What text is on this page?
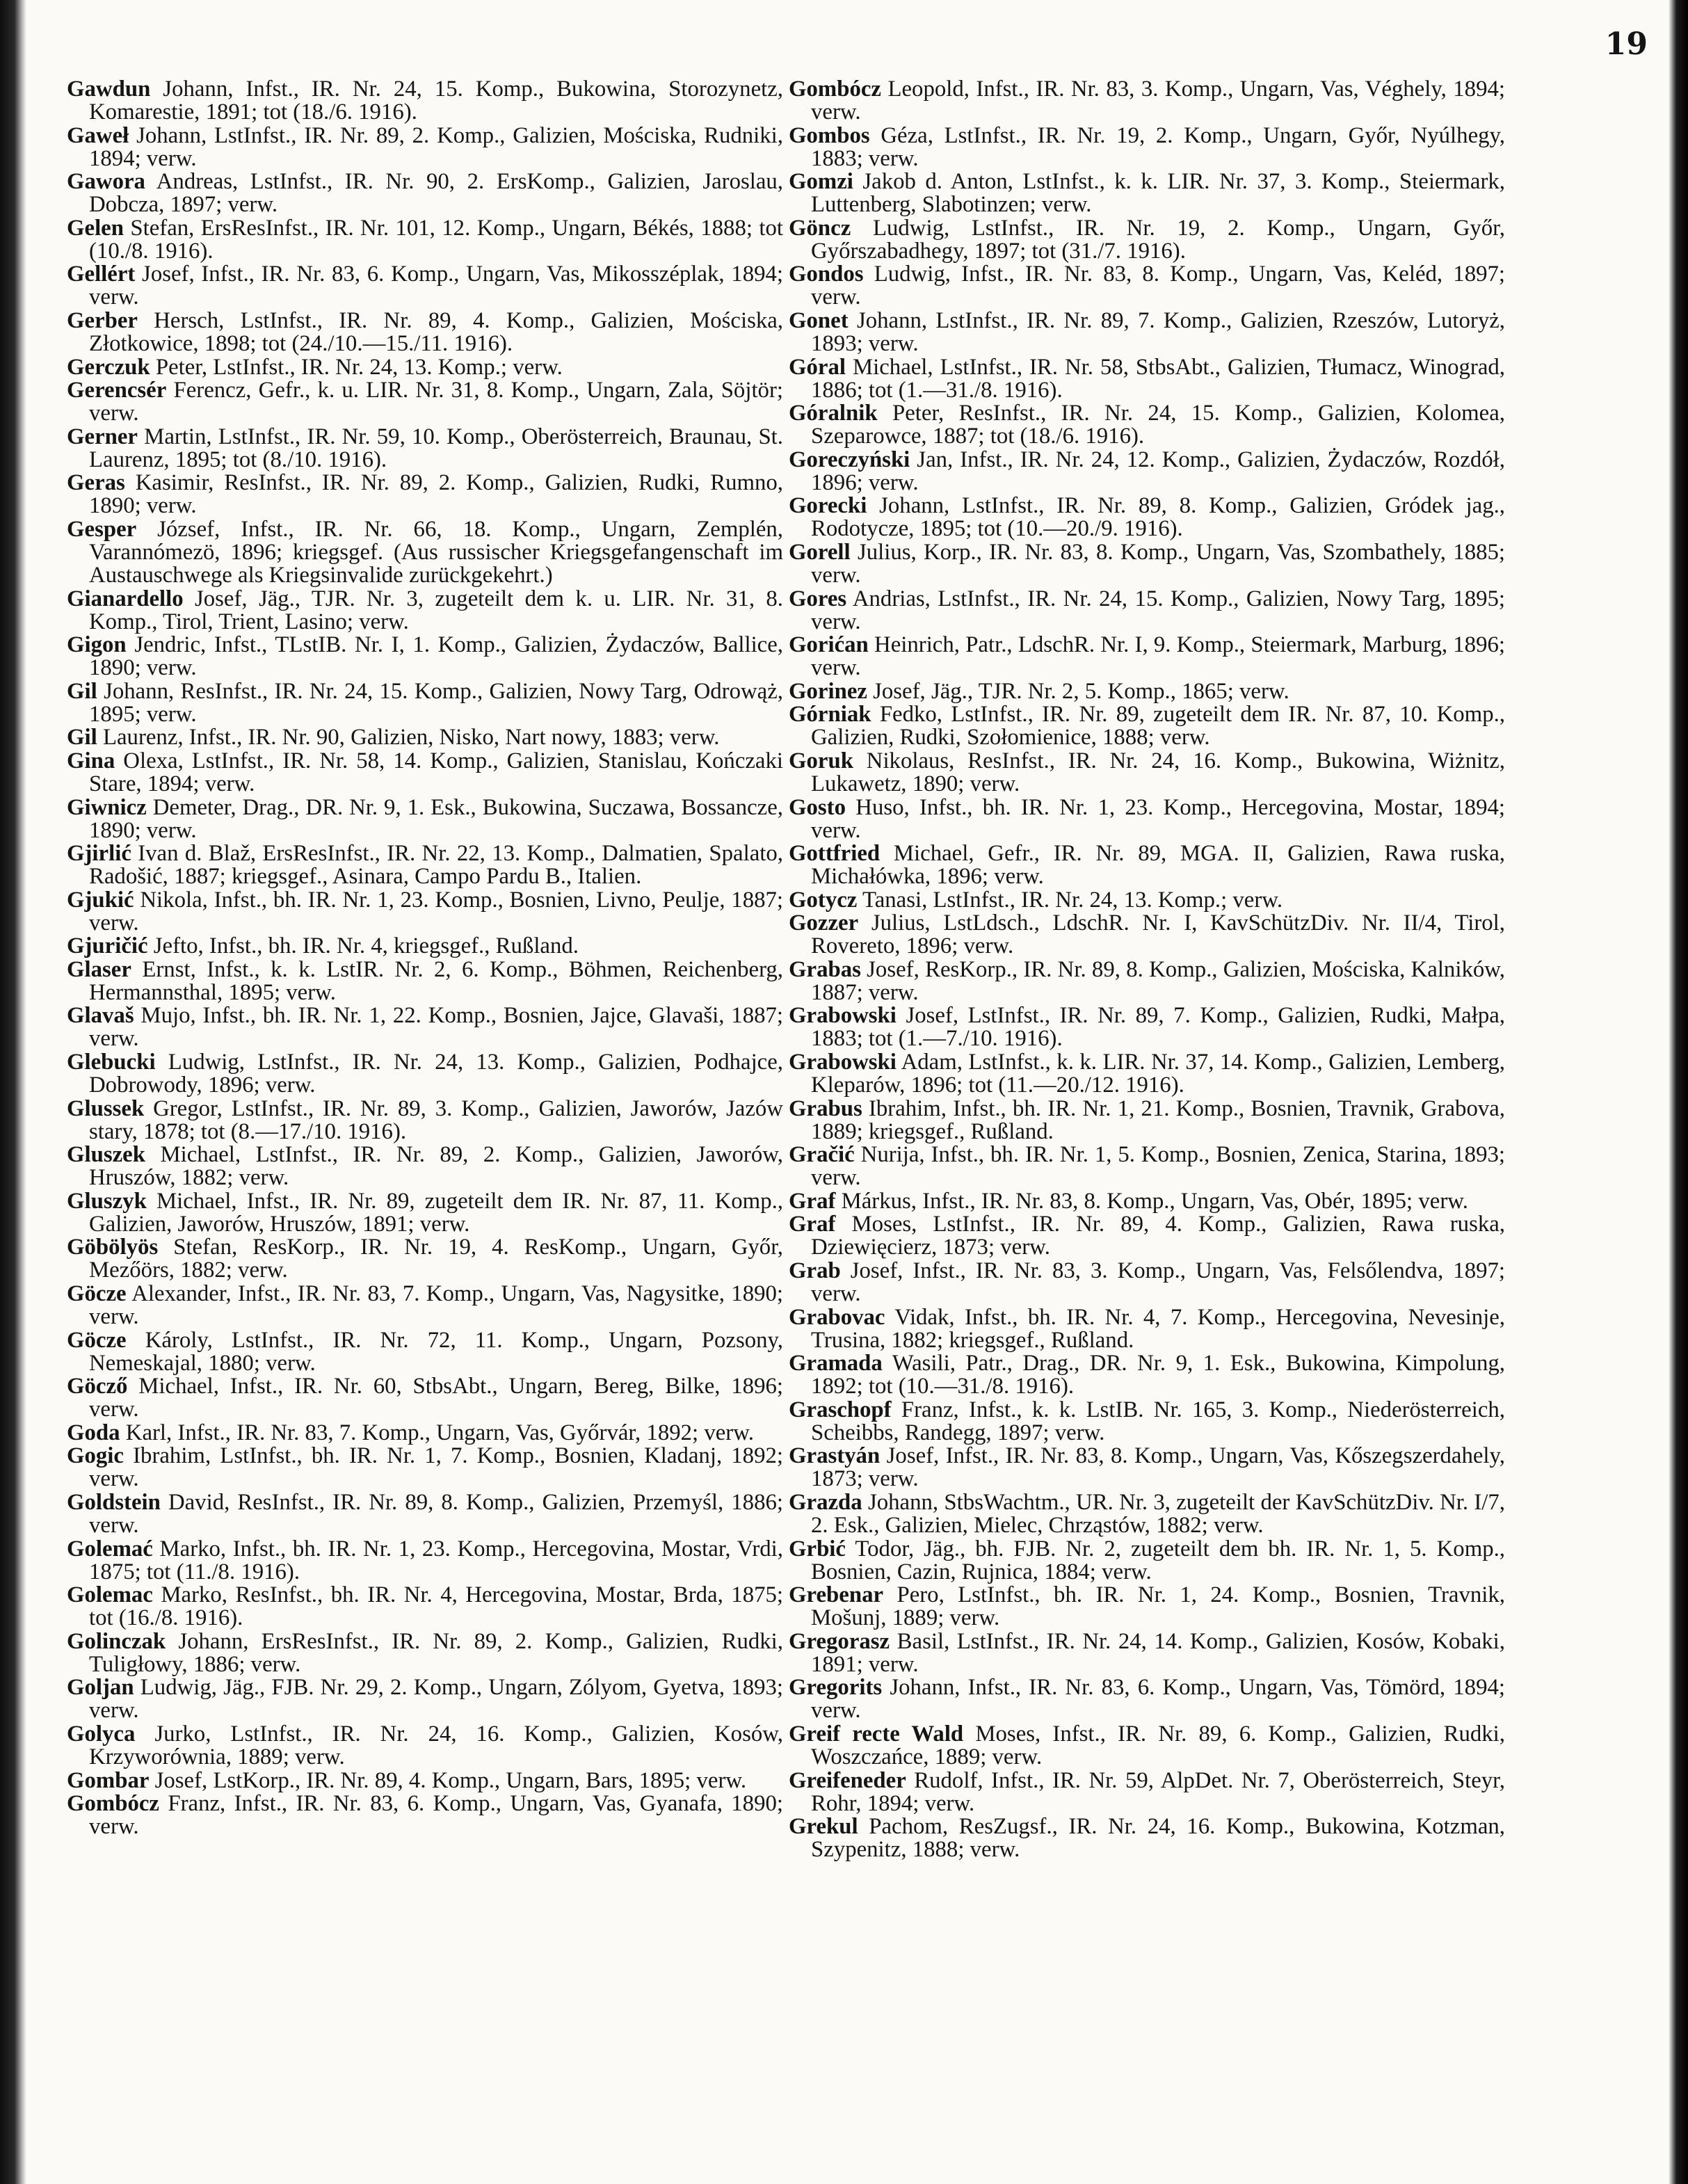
19

Gawdun Johann, Infst., IR. Nr. 24, 15. Komp., Bukowina, Storozynetz, Komarestie, 1891; tot (18./6. 1916).

Gaweł Johann, LstInfst., IR. Nr. 89, 2. Komp., Galizien, Mościska, Rudniki, 1894; verw.

Gawora Andreas, LstInfst., IR. Nr. 90, 2. ErsKomp., Galizien, Jaroslau, Dobcza, 1897; verw.

Gelen Stefan, ErsResInfst., IR. Nr. 101, 12. Komp., Ungarn, Békés, 1888; tot (10./8. 1916).

Gellért Josef, Infst., IR. Nr. 83, 6. Komp., Ungarn, Vas, Mikosszéplak, 1894; verw.

Gerber Hersch, LstInfst., IR. Nr. 89, 4. Komp., Galizien, Mościska, Złotkowice, 1898; tot (24./10.—15./11. 1916).

Gerczuk Peter, LstInfst., IR. Nr. 24, 13. Komp.; verw.

Gerencsér Ferencz, Gefr., k. u. LIR. Nr. 31, 8. Komp., Ungarn, Zala, Söjtör; verw.

Gerner Martin, LstInfst., IR. Nr. 59, 10. Komp., Oberösterreich, Braunau, St. Laurenz, 1895; tot (8./10. 1916).

Geras Kasimir, ResInfst., IR. Nr. 89, 2. Komp., Galizien, Rudki, Rumno, 1890; verw.

Gesper József, Infst., IR. Nr. 66, 18. Komp., Ungarn, Zemplén, Varannómezö, 1896; kriegsgef. (Aus russischer Kriegsgefangenschaft im Austauschwege als Kriegsinvalide zurückgekehrt.)

Gianardello Josef, Jäg., TJR. Nr. 3, zugeteilt dem k. u. LIR. Nr. 31, 8. Komp., Tirol, Trient, Lasino; verw.

Gigon Jendric, Infst., TLstIB. Nr. I, 1. Komp., Galizien, Żydaczów, Ballice, 1890; verw.

Gil Johann, ResInfst., IR. Nr. 24, 15. Komp., Galizien, Nowy Targ, Odrowąż, 1895; verw.

Gil Laurenz, Infst., IR. Nr. 90, Galizien, Nisko, Nart nowy, 1883; verw.

Gina Olexa, LstInfst., IR. Nr. 58, 14. Komp., Galizien, Stanislau, Kończaki Stare, 1894; verw.

Giwnicz Demeter, Drag., DR. Nr. 9, 1. Esk., Bukowina, Suczawa, Bossancze, 1890; verw.

Gjirlić Ivan d. Blaž, ErsResInfst., IR. Nr. 22, 13. Komp., Dalmatien, Spalato, Radošić, 1887; kriegsgef., Asinara, Campo Pardu B., Italien.

Gjukić Nikola, Infst., bh. IR. Nr. 1, 23. Komp., Bosnien, Livno, Peulje, 1887; verw.

Gjuričić Jefto, Infst., bh. IR. Nr. 4, kriegsgef., Rußland.

Glaser Ernst, Infst., k. k. LstIR. Nr. 2, 6. Komp., Böhmen, Reichenberg, Hermannsthal, 1895; verw.

Glavaš Mujo, Infst., bh. IR. Nr. 1, 22. Komp., Bosnien, Jajce, Glavaši, 1887; verw.

Glebucki Ludwig, LstInfst., IR. Nr. 24, 13. Komp., Galizien, Podhajce, Dobrowody, 1896; verw.

Glussek Gregor, LstInfst., IR. Nr. 89, 3. Komp., Galizien, Jaworów, Jazów stary, 1878; tot (8.—17./10. 1916).

Gluszek Michael, LstInfst., IR. Nr. 89, 2. Komp., Galizien, Jaworów, Hruszów, 1882; verw.

Gluszyk Michael, Infst., IR. Nr. 89, zugeteilt dem IR. Nr. 87, 11. Komp., Galizien, Jaworów, Hruszów, 1891; verw.

Göbölyös Stefan, ResKorp., IR. Nr. 19, 4. ResKomp., Ungarn, Győr, Mezőörs, 1882; verw.

Göcze Alexander, Infst., IR. Nr. 83, 7. Komp., Ungarn, Vas, Nagysitke, 1890; verw.

Göcze Károly, LstInfst., IR. Nr. 72, 11. Komp., Ungarn, Pozsony, Nemeskajal, 1880; verw.

Göcző Michael, Infst., IR. Nr. 60, StbsAbt., Ungarn, Bereg, Bilke, 1896; verw.

Goda Karl, Infst., IR. Nr. 83, 7. Komp., Ungarn, Vas, Győrvár, 1892; verw.

Gogic Ibrahim, LstInfst., bh. IR. Nr. 1, 7. Komp., Bosnien, Kladanj, 1892; verw.

Goldstein David, ResInfst., IR. Nr. 89, 8. Komp., Galizien, Przemyśl, 1886; verw.

Golemać Marko, Infst., bh. IR. Nr. 1, 23. Komp., Hercegovina, Mostar, Vrdi, 1875; tot (11./8. 1916).

Golemac Marko, ResInfst., bh. IR. Nr. 4, Hercegovina, Mostar, Brda, 1875; tot (16./8. 1916).

Golinczak Johann, ErsResInfst., IR. Nr. 89, 2. Komp., Galizien, Rudki, Tuligłowy, 1886; verw.

Goljan Ludwig, Jäg., FJB. Nr. 29, 2. Komp., Ungarn, Zólyom, Gyetva, 1893; verw.

Golyca Jurko, LstInfst., IR. Nr. 24, 16. Komp., Galizien, Kosów, Krzyworównia, 1889; verw.

Gombar Josef, LstKorp., IR. Nr. 89, 4. Komp., Ungarn, Bars, 1895; verw.

Gombócz Franz, Infst., IR. Nr. 83, 6. Komp., Ungarn, Vas, Gyanafa, 1890; verw.

Gombócz Leopold, Infst., IR. Nr. 83, 3. Komp., Ungarn, Vas, Véghely, 1894; verw.

Gombos Géza, LstInfst., IR. Nr. 19, 2. Komp., Ungarn, Győr, Nyúlhegy, 1883; verw.

Gomzi Jakob d. Anton, LstInfst., k. k. LIR. Nr. 37, 3. Komp., Steiermark, Luttenberg, Slabotinzen; verw.

Göncz Ludwig, LstInfst., IR. Nr. 19, 2. Komp., Ungarn, Győr, Győrszabadhegy, 1897; tot (31./7. 1916).

Gondos Ludwig, Infst., IR. Nr. 83, 8. Komp., Ungarn, Vas, Keléd, 1897; verw.

Gonet Johann, LstInfst., IR. Nr. 89, 7. Komp., Galizien, Rzeszów, Lutoryż, 1893; verw.

Góral Michael, LstInfst., IR. Nr. 58, StbsAbt., Galizien, Tłumacz, Winograd, 1886; tot (1.—31./8. 1916).

Góralnik Peter, ResInfst., IR. Nr. 24, 15. Komp., Galizien, Kolomea, Szeparowce, 1887; tot (18./6. 1916).

Goreczyński Jan, Infst., IR. Nr. 24, 12. Komp., Galizien, Żydaczów, Rozdół, 1896; verw.

Gorecki Johann, LstInfst., IR. Nr. 89, 8. Komp., Galizien, Gródek jag., Rodotycze, 1895; tot (10.—20./9. 1916).

Gorell Julius, Korp., IR. Nr. 83, 8. Komp., Ungarn, Vas, Szombathely, 1885; verw.

Gores Andrias, LstInfst., IR. Nr. 24, 15. Komp., Galizien, Nowy Targ, 1895; verw.

Gorićan Heinrich, Patr., LdschR. Nr. I, 9. Komp., Steiermark, Marburg, 1896; verw.

Gorinez Josef, Jäg., TJR. Nr. 2, 5. Komp., 1865; verw.

Górniak Fedko, LstInfst., IR. Nr. 89, zugeteilt dem IR. Nr. 87, 10. Komp., Galizien, Rudki, Szołomienice, 1888; verw.

Goruk Nikolaus, ResInfst., IR. Nr. 24, 16. Komp., Bukowina, Wiżnitz, Lukawetz, 1890; verw.

Gosto Huso, Infst., bh. IR. Nr. 1, 23. Komp., Hercegovina, Mostar, 1894; verw.

Gottfried Michael, Gefr., IR. Nr. 89, MGA. II, Galizien, Rawa ruska, Michałówka, 1896; verw.

Gotycz Tanasi, LstInfst., IR. Nr. 24, 13. Komp.; verw.

Gozzer Julius, LstLdsch., LdschR. Nr. I, KavSchützDiv. Nr. II/4, Tirol, Rovereto, 1896; verw.

Grabas Josef, ResKorp., IR. Nr. 89, 8. Komp., Galizien, Mościska, Kalników, 1887; verw.

Grabowski Josef, LstInfst., IR. Nr. 89, 7. Komp., Galizien, Rudki, Małpa, 1883; tot (1.—7./10. 1916).

Grabowski Adam, LstInfst., k. k. LIR. Nr. 37, 14. Komp., Galizien, Lemberg, Kleparów, 1896; tot (11.—20./12. 1916).

Grabus Ibrahim, Infst., bh. IR. Nr. 1, 21. Komp., Bosnien, Travnik, Grabova, 1889; kriegsgef., Rußland.

Gračić Nurija, Infst., bh. IR. Nr. 1, 5. Komp., Bosnien, Zenica, Starina, 1893; verw.

Graf Márkus, Infst., IR. Nr. 83, 8. Komp., Ungarn, Vas, Obér, 1895; verw.

Graf Moses, LstInfst., IR. Nr. 89, 4. Komp., Galizien, Rawa ruska, Dziewięcierz, 1873; verw.

Grab Josef, Infst., IR. Nr. 83, 3. Komp., Ungarn, Vas, Felsőlendva, 1897; verw.

Grabovac Vidak, Infst., bh. IR. Nr. 4, 7. Komp., Hercegovina, Nevesinje, Trusina, 1882; kriegsgef., Rußland.

Gramada Wasili, Patr., Drag., DR. Nr. 9, 1. Esk., Bukowina, Kimpolung, 1892; tot (10.—31./8. 1916).

Graschopf Franz, Infst., k. k. LstIB. Nr. 165, 3. Komp., Niederösterreich, Scheibbs, Randegg, 1897; verw.

Grastyán Josef, Infst., IR. Nr. 83, 8. Komp., Ungarn, Vas, Kőszegszerdahely, 1873; verw.

Grazda Johann, StbsWachtm., UR. Nr. 3, zugeteilt der KavSchützDiv. Nr. I/7, 2. Esk., Galizien, Mielec, Chrząstów, 1882; verw.

Grbić Todor, Jäg., bh. FJB. Nr. 2, zugeteilt dem bh. IR. Nr. 1, 5. Komp., Bosnien, Cazin, Rujnica, 1884; verw.

Grebenar Pero, LstInfst., bh. IR. Nr. 1, 24. Komp., Bosnien, Travnik, Mošunj, 1889; verw.

Gregorasz Basil, LstInfst., IR. Nr. 24, 14. Komp., Galizien, Kosów, Kobaki, 1891; verw.

Gregorits Johann, Infst., IR. Nr. 83, 6. Komp., Ungarn, Vas, Tömörd, 1894; verw.

Greif recte Wald Moses, Infst., IR. Nr. 89, 6. Komp., Galizien, Rudki, Woszczańce, 1889; verw.

Greifeneder Rudolf, Infst., IR. Nr. 59, AlpDet. Nr. 7, Oberösterreich, Steyr, Rohr, 1894; verw.

Grekul Pachom, ResZugsf., IR. Nr. 24, 16. Komp., Bukowina, Kotzman, Szypenitz, 1888; verw.
